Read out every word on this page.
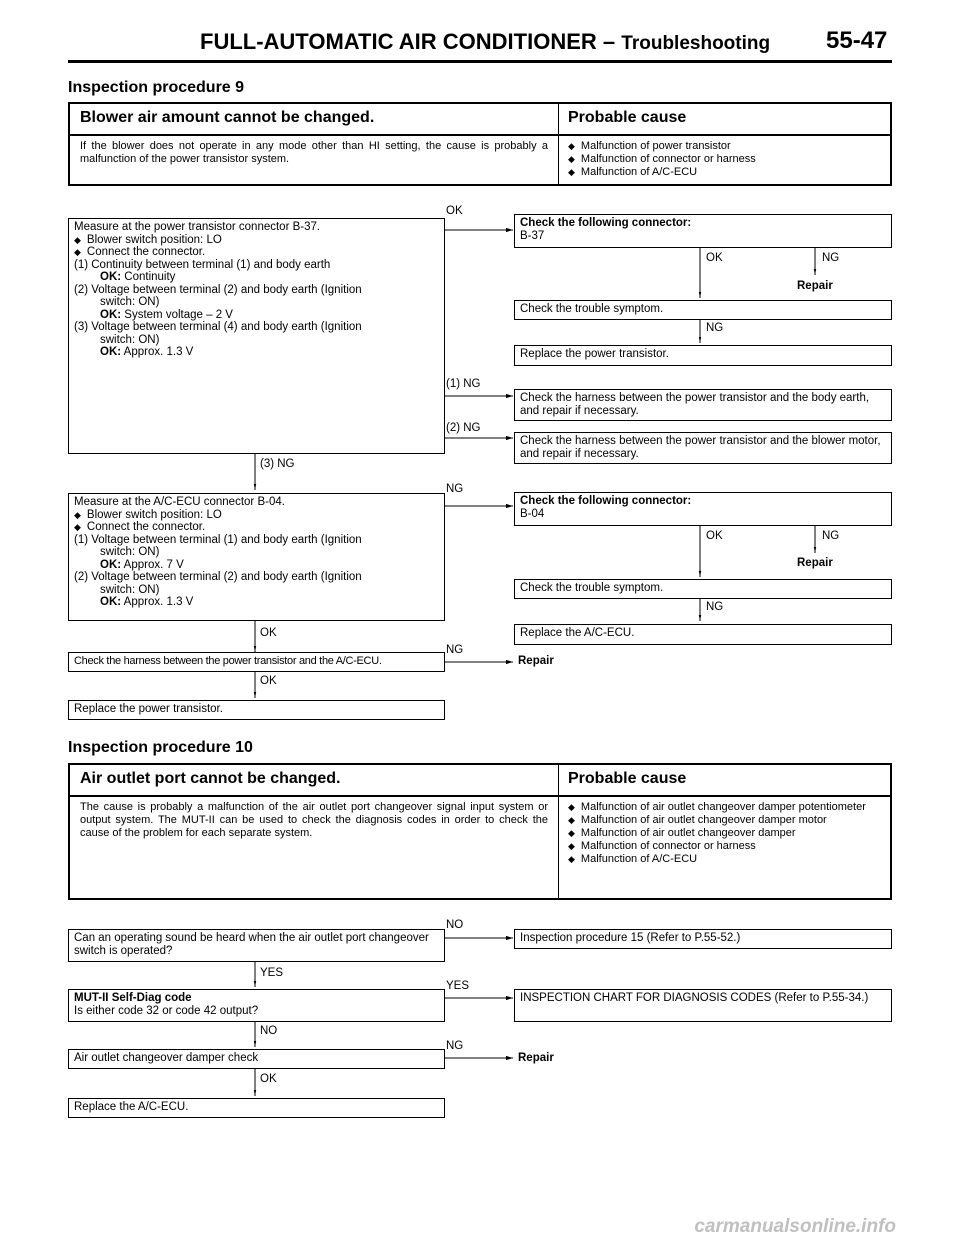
FULL-AUTOMATIC AIR CONDITIONER – Troubleshooting 55-47
Inspection procedure 9
Blower air amount cannot be changed.	Probable cause
If the blower does not operate in any mode other than HI setting, the cause is probably a malfunction of the power transistor system.
◆ Malfunction of power transistor
◆ Malfunction of connector or harness
◆ Malfunction of A/C-ECU
Measure at the power transistor connector B-37.
◆ Blower switch position: LO
◆ Connect the connector.
(1) Continuity between terminal (1) and body earth
OK: Continuity
(2) Voltage between terminal (2) and body earth (Ignition
switch: ON)
OK: System voltage – 2 V
(3) Voltage between terminal (4) and body earth (Ignition
switch: ON)
OK: Approx. 1.3 V
OK
Check the following connector:
B-37
OK	NG
Repair
Check the trouble symptom.
NG
Replace the power transistor.
(1) NG
Check the harness between the power transistor and the body earth, and repair if necessary.
(2) NG
Check the harness between the power transistor and the blower motor, and repair if necessary.
(3) NG
Measure at the A/C-ECU connector B-04.
◆ Blower switch position: LO
◆ Connect the connector.
(1) Voltage between terminal (1) and body earth (Ignition
switch: ON)
OK: Approx. 7 V
(2) Voltage between terminal (2) and body earth (Ignition
switch: ON)
OK: Approx. 1.3 V
NG
Check the following connector:
B-04
OK	NG
Repair
Check the trouble symptom.
NG
Replace the A/C-ECU.
OK
Check the harness between the power transistor and the A/C-ECU.
NG
Repair
OK
Replace the power transistor.
Inspection procedure 10
Air outlet port cannot be changed.	Probable cause
The cause is probably a malfunction of the air outlet port changeover signal input system or output system. The MUT-II can be used to check the diagnosis codes in order to check the cause of the problem for each separate system.
◆ Malfunction of air outlet changeover damper potentiometer
◆ Malfunction of air outlet changeover damper motor
◆ Malfunction of air outlet changeover damper
◆ Malfunction of connector or harness
◆ Malfunction of A/C-ECU
Can an operating sound be heard when the air outlet port changeover switch is operated?
NO
Inspection procedure 15 (Refer to P.55-52.)
YES
MUT-II Self-Diag code
Is either code 32 or code 42 output?
YES
INSPECTION CHART FOR DIAGNOSIS CODES (Refer to P.55-34.)
NO
Air outlet changeover damper check
NG
Repair
OK
Replace the A/C-ECU.
carmanualsonline.info
